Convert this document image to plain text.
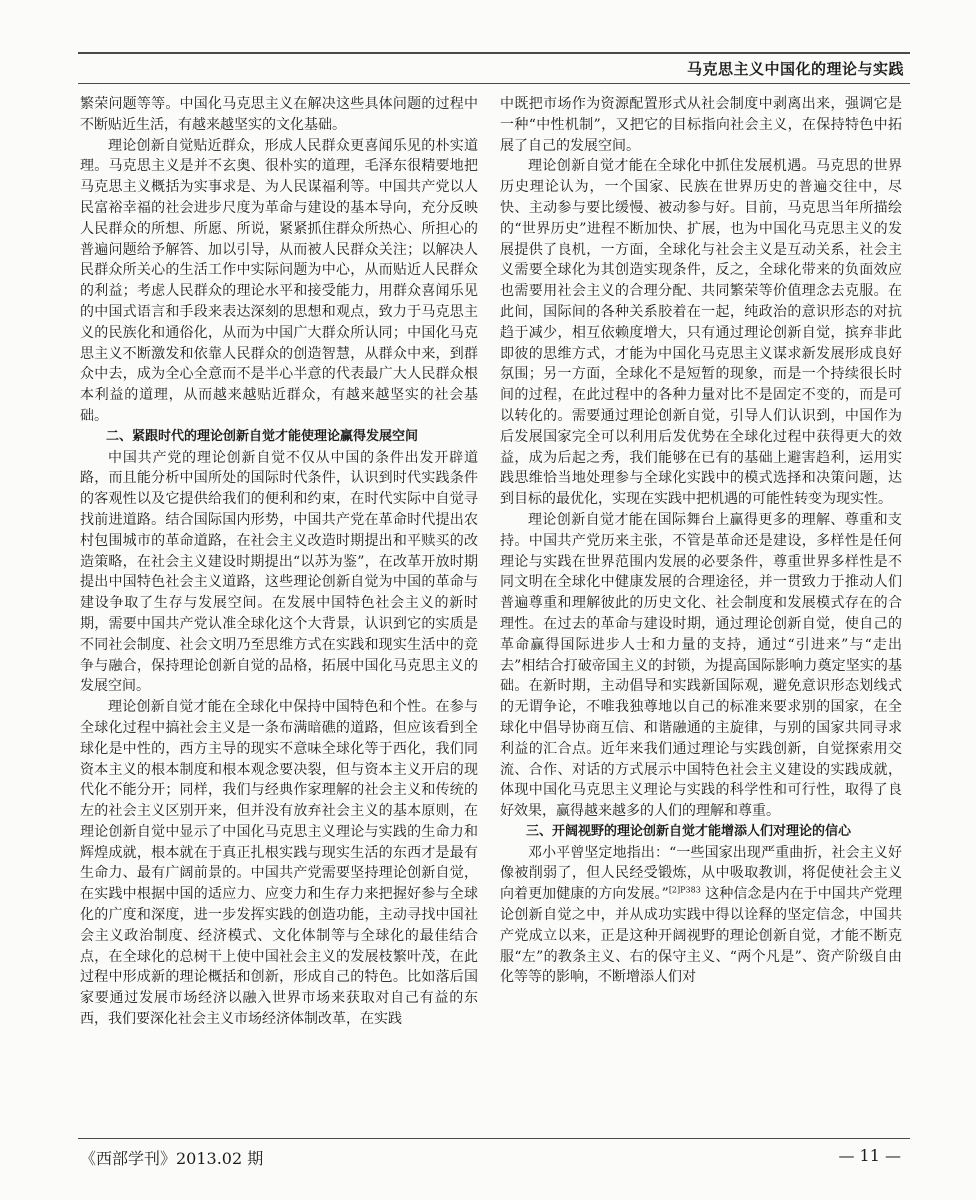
马克思主义中国化的理论与实践

繁荣问题等等。中国化马克思主义在解决这些具体问题的过程中不断贴近生活，有越来越坚实的文化基础。

理论创新自觉贴近群众，形成人民群众更喜闻乐见的朴实道理。马克思主义是并不玄奥、很朴实的道理，毛泽东很精要地把马克思主义概括为实事求是、为人民谋福利等。中国共产党以人民富裕幸福的社会进步尺度为革命与建设的基本导向，充分反映人民群众的所想、所愿、所说，紧紧抓住群众所热心、所担心的普遍问题给予解答、加以引导，从而被人民群众关注；以解决人民群众所关心的生活工作中实际问题为中心，从而贴近人民群众的利益；考虑人民群众的理论水平和接受能力，用群众喜闻乐见的中国式语言和手段来表达深刻的思想和观点，致力于马克思主义的民族化和通俗化，从而为中国广大群众所认同；中国化马克思主义不断激发和依靠人民群众的创造智慧，从群众中来，到群众中去，成为全心全意而不是半心半意的代表最广大人民群众根本利益的道理，从而越来越贴近群众，有越来越坚实的社会基础。

二、紧跟时代的理论创新自觉才能使理论赢得发展空间

中国共产党的理论创新自觉不仅从中国的条件出发开辟道路，而且能分析中国所处的国际时代条件，认识到时代实践条件的客观性以及它提供给我们的便利和约束，在时代实际中自觉寻找前进道路。结合国际国内形势，中国共产党在革命时代提出农村包围城市的革命道路，在社会主义改造时期提出和平赎买的改造策略，在社会主义建设时期提出“以苏为鉴”，在改革开放时期提出中国特色社会主义道路，这些理论创新自觉为中国的革命与建设争取了生存与发展空间。在发展中国特色社会主义的新时期，需要中国共产党认准全球化这个大背景，认识到它的实质是不同社会制度、社会文明乃至思维方式在实践和现实生活中的竞争与融合，保持理论创新自觉的品格，拓展中国化马克思主义的发展空间。

理论创新自觉才能在全球化中保持中国特色和个性。在参与全球化过程中搞社会主义是一条布满暗礁的道路，但应该看到全球化是中性的，西方主导的现实不意味全球化等于西化，我们同资本主义的根本制度和根本观念要决裂，但与资本主义开启的现代化不能分开；同样，我们与经典作家理解的社会主义和传统的左的社会主义区别开来，但并没有放弃社会主义的基本原则，在理论创新自觉中显示了中国化马克思主义理论与实践的生命力和辉煌成就，根本就在于真正扎根实践与现实生活的东西才是最有生命力、最有广阔前景的。中国共产党需要坚持理论创新自觉，在实践中根据中国的适应力、应变力和生存力来把握好参与全球化的广度和深度，进一步发挥实践的创造功能，主动寻找中国社会主义政治制度、经济模式、文化体制等与全球化的最佳结合点，在全球化的总树干上使中国社会主义的发展枝繁叶茂，在此过程中形成新的理论概括和创新，形成自己的特色。比如落后国家要通过发展市场经济以融入世界市场来获取对自己有益的东西，我们要深化社会主义市场经济体制改革，在实践

中既把市场作为资源配置形式从社会制度中剥离出来，强调它是一种“中性机制”，又把它的目标指向社会主义，在保持特色中拓展了自己的发展空间。

理论创新自觉才能在全球化中抓住发展机遇。马克思的世界历史理论认为，一个国家、民族在世界历史的普遍交往中，尽快、主动参与要比缓慢、被动参与好。目前，马克思当年所描绘的“世界历史”进程不断加快、扩展，也为中国化马克思主义的发展提供了良机，一方面，全球化与社会主义是互动关系，社会主义需要全球化为其创造实现条件，反之，全球化带来的负面效应也需要用社会主义的合理分配、共同繁荣等价值理念去克服。在此间，国际间的各种关系胶着在一起，纯政治的意识形态的对抗趋于减少，相互依赖度增大，只有通过理论创新自觉，摈弃非此即彼的思维方式，才能为中国化马克思主义谋求新发展形成良好氛围；另一方面，全球化不是短暂的现象，而是一个持续很长时间的过程，在此过程中的各种力量对比不是固定不变的，而是可以转化的。需要通过理论创新自觉，引导人们认识到，中国作为后发展国家完全可以利用后发优势在全球化过程中获得更大的效益，成为后起之秀，我们能够在已有的基础上避害趋利，运用实践思维恰当地处理参与全球化实践中的模式选择和决策问题，达到目标的最优化，实现在实践中把机遇的可能性转变为现实性。

理论创新自觉才能在国际舞台上赢得更多的理解、尊重和支持。中国共产党历来主张，不管是革命还是建设，多样性是任何理论与实践在世界范围内发展的必要条件，尊重世界多样性是不同文明在全球化中健康发展的合理途径，并一贯致力于推动人们普遍尊重和理解彼此的历史文化、社会制度和发展模式存在的合理性。在过去的革命与建设时期，通过理论创新自觉，使自己的革命赢得国际进步人士和力量的支持，通过“引进来”与“走出去”相结合打破帝国主义的封锁，为提高国际影响力奠定坚实的基础。在新时期，主动倡导和实践新国际观，避免意识形态划线式的无谓争论，不唯我独尊地以自己的标准来要求别的国家，在全球化中倡导协商互信、和谐融通的主旋律，与别的国家共同寻求利益的汇合点。近年来我们通过理论与实践创新，自觉探索用交流、合作、对话的方式展示中国特色社会主义建设的实践成就，体现中国化马克思主义理论与实践的科学性和可行性，取得了良好效果，赢得越来越多的人们的理解和尊重。

三、开阔视野的理论创新自觉才能增添人们对理论的信心

邓小平曾坚定地指出：“一些国家出现严重曲折，社会主义好像被削弱了，但人民经受锻炼，从中吸取教训，将促使社会主义向着更加健康的方向发展。”$^{[2]P383}$ 这种信念是内在于中国共产党理论创新自觉之中，并从成功实践中得以诠释的坚定信念，中国共产党成立以来，正是这种开阔视野的理论创新自觉，才能不断克服“左”的教条主义、右的保守主义、“两个凡是”、资产阶级自由化等等的影响，不断增添人们对

《西部学刊》2013.02 期	— 11 —
